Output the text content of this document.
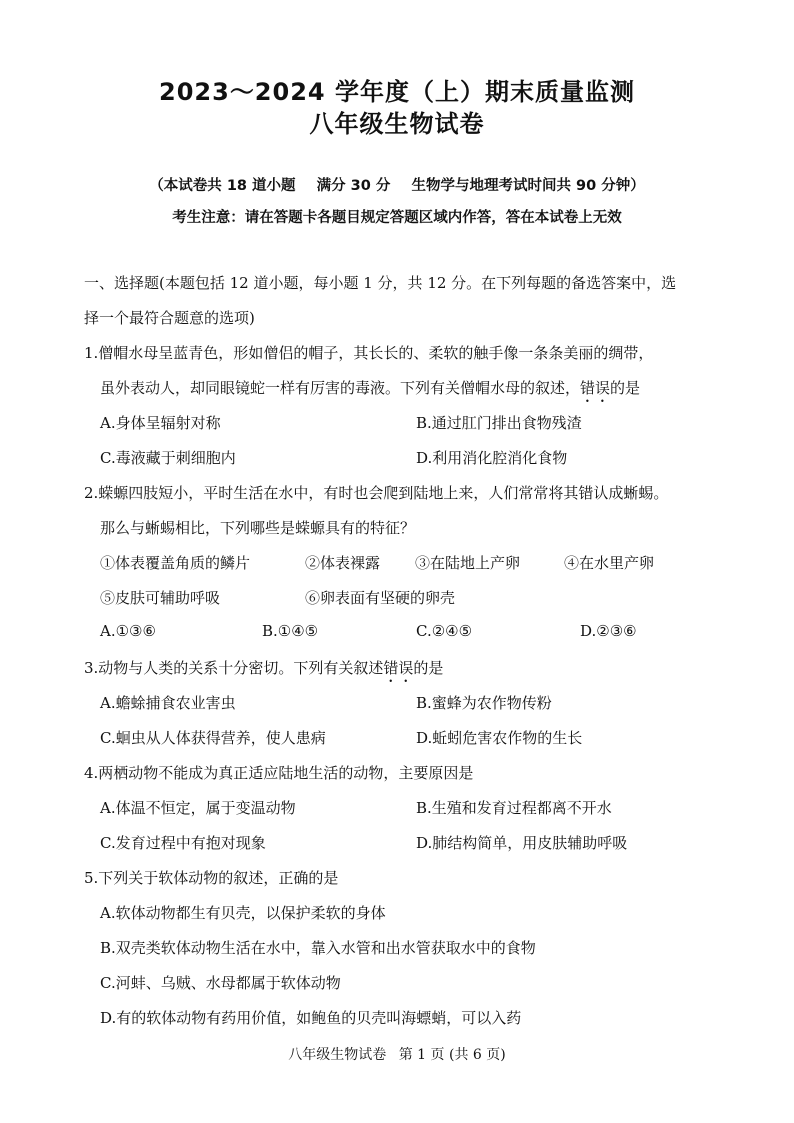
2023～2024 学年度（上）期末质量监测
八年级生物试卷
（本试卷共 18 道小题 满分 30 分 生物学与地理考试时间共 90 分钟）
考生注意：请在答题卡各题目规定答题区域内作答，答在本试卷上无效
一、选择题(本题包括 12 道小题，每小题 1 分，共 12 分。在下列每题的备选答案中，选
择一个最符合题意的选项)
1.僧帽水母呈蓝青色，形如僧侣的帽子，其长长的、柔软的触手像一条条美丽的绸带，
虽外表动人，却同眼镜蛇一样有厉害的毒液。下列有关僧帽水母的叙述，错误的是
A.身体呈辐射对称	B.通过肛门排出食物残渣
C.毒液藏于刺细胞内	D.利用消化腔消化食物
2.蝾螈四肢短小，平时生活在水中，有时也会爬到陆地上来，人们常常将其错认成蜥蜴。
那么与蜥蜴相比，下列哪些是蝾螈具有的特征？
①体表覆盖角质的鳞片	②体表裸露 ③在陆地上产卵	④在水里产卵
⑤皮肤可辅助呼吸	⑥卵表面有坚硬的卵壳
A.①③⑥	B.①④⑤	C.②④⑤	D.②③⑥
3.动物与人类的关系十分密切。下列有关叙述错误的是
A.蟾蜍捕食农业害虫	B.蜜蜂为农作物传粉
C.蛔虫从人体获得营养，使人患病	D.蚯蚓危害农作物的生长
4.两栖动物不能成为真正适应陆地生活的动物，主要原因是
A.体温不恒定，属于变温动物	B.生殖和发育过程都离不开水
C.发育过程中有抱对现象	D.肺结构简单，用皮肤辅助呼吸
5.下列关于软体动物的叙述，正确的是
A.软体动物都生有贝壳，以保护柔软的身体
B.双壳类软体动物生活在水中，靠入水管和出水管获取水中的食物
C.河蚌、乌贼、水母都属于软体动物
D.有的软体动物有药用价值，如鲍鱼的贝壳叫海螵蛸，可以入药
八年级生物试卷 第 1 页 (共 6 页)
